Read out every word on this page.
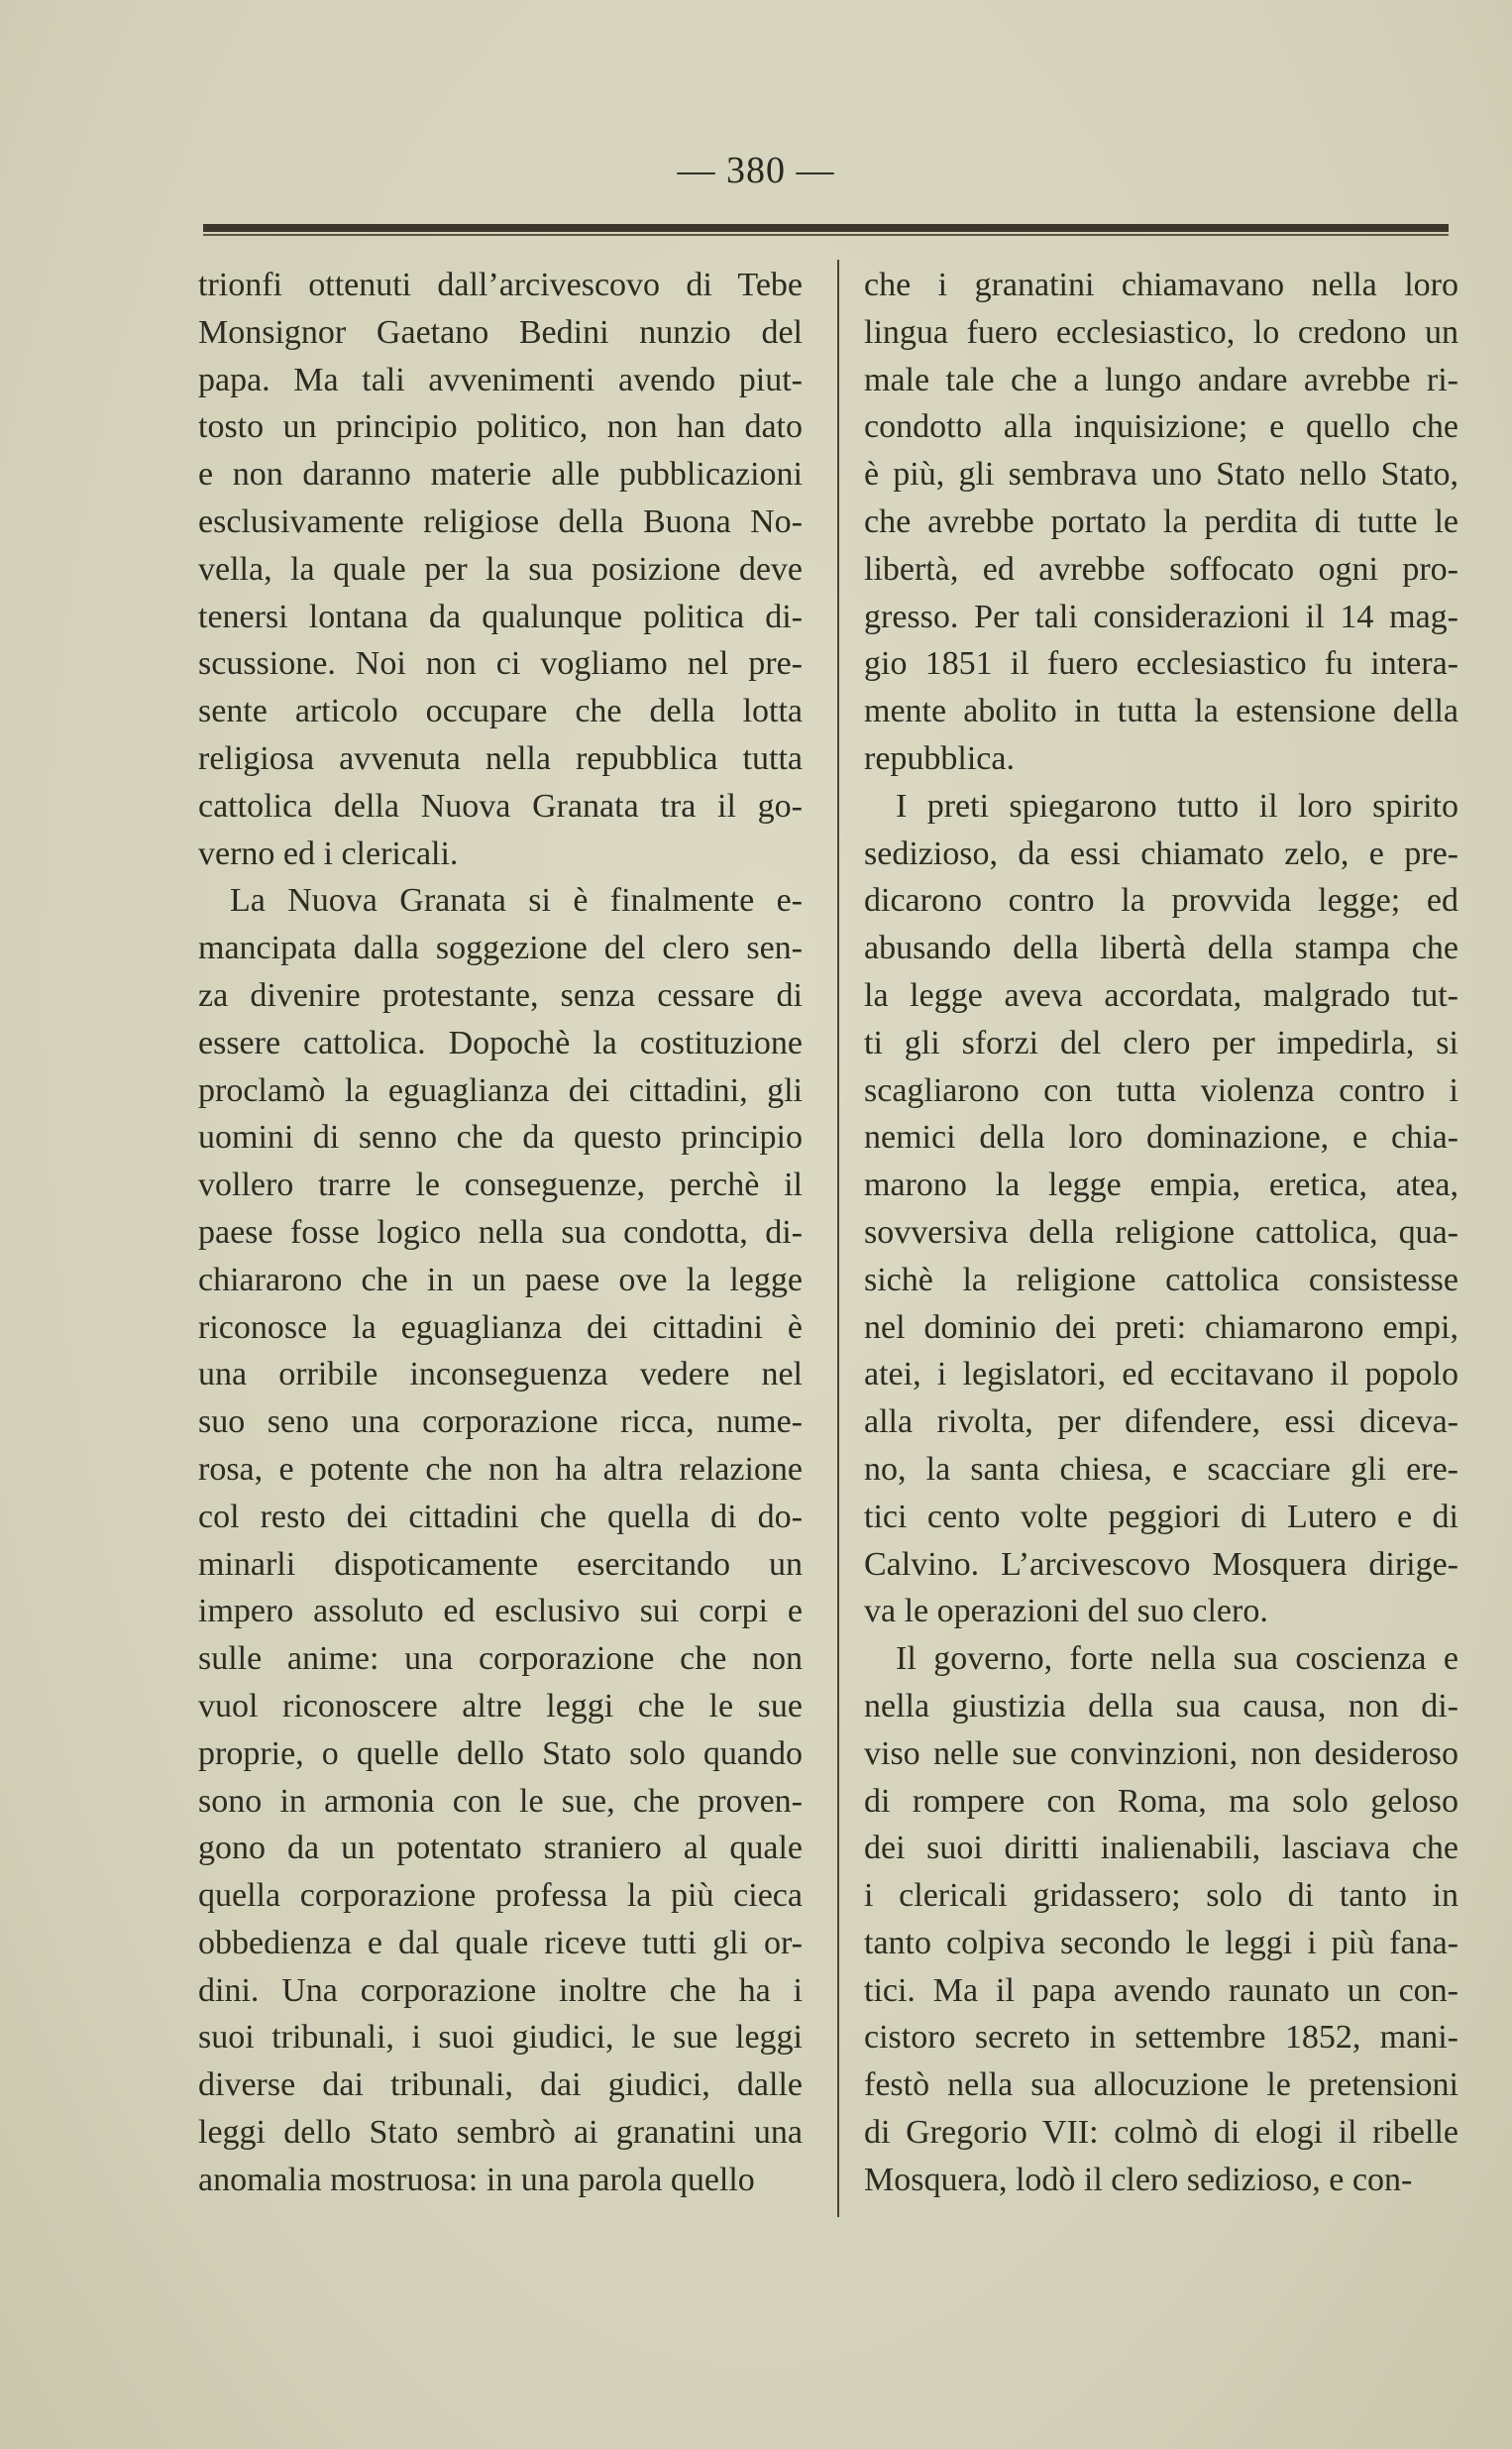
— 380 —
trionfi ottenuti dall’arcivescovo di Tebe
Monsignor Gaetano Bedini nunzio del
papa. Ma tali avvenimenti avendo piut-
tosto un principio politico, non han dato
e non daranno materie alle pubblicazioni
esclusivamente religiose della Buona No-
vella, la quale per la sua posizione deve
tenersi lontana da qualunque politica di-
scussione. Noi non ci vogliamo nel pre-
sente articolo occupare che della lotta
religiosa avvenuta nella repubblica tutta
cattolica della Nuova Granata tra il go-
verno ed i clericali.
La Nuova Granata si è finalmente e-
mancipata dalla soggezione del clero sen-
za divenire protestante, senza cessare di
essere cattolica. Dopochè la costituzione
proclamò la eguaglianza dei cittadini, gli
uomini di senno che da questo principio
vollero trarre le conseguenze, perchè il
paese fosse logico nella sua condotta, di-
chiararono che in un paese ove la legge
riconosce la eguaglianza dei cittadini è
una orribile inconseguenza vedere nel
suo seno una corporazione ricca, nume-
rosa, e potente che non ha altra relazione
col resto dei cittadini che quella di do-
minarli dispoticamente esercitando un
impero assoluto ed esclusivo sui corpi e
sulle anime: una corporazione che non
vuol riconoscere altre leggi che le sue
proprie, o quelle dello Stato solo quando
sono in armonia con le sue, che proven-
gono da un potentato straniero al quale
quella corporazione professa la più cieca
obbedienza e dal quale riceve tutti gli or-
dini. Una corporazione inoltre che ha i
suoi tribunali, i suoi giudici, le sue leggi
diverse dai tribunali, dai giudici, dalle
leggi dello Stato sembrò ai granatini una
anomalia mostruosa: in una parola quello
che i granatini chiamavano nella loro
lingua fuero ecclesiastico, lo credono un
male tale che a lungo andare avrebbe ri-
condotto alla inquisizione; e quello che
è più, gli sembrava uno Stato nello Stato,
che avrebbe portato la perdita di tutte le
libertà, ed avrebbe soffocato ogni pro-
gresso. Per tali considerazioni il 14 mag-
gio 1851 il fuero ecclesiastico fu intera-
mente abolito in tutta la estensione della
repubblica.
I preti spiegarono tutto il loro spirito
sedizioso, da essi chiamato zelo, e pre-
dicarono contro la provvida legge; ed
abusando della libertà della stampa che
la legge aveva accordata, malgrado tut-
ti gli sforzi del clero per impedirla, si
scagliarono con tutta violenza contro i
nemici della loro dominazione, e chia-
marono la legge empia, eretica, atea,
sovversiva della religione cattolica, qua-
sichè la religione cattolica consistesse
nel dominio dei preti: chiamarono empi,
atei, i legislatori, ed eccitavano il popolo
alla rivolta, per difendere, essi diceva-
no, la santa chiesa, e scacciare gli ere-
tici cento volte peggiori di Lutero e di
Calvino. L’arcivescovo Mosquera dirige-
va le operazioni del suo clero.
Il governo, forte nella sua coscienza e
nella giustizia della sua causa, non di-
viso nelle sue convinzioni, non desideroso
di rompere con Roma, ma solo geloso
dei suoi diritti inalienabili, lasciava che
i clericali gridassero; solo di tanto in
tanto colpiva secondo le leggi i più fana-
tici. Ma il papa avendo raunato un con-
cistoro secreto in settembre 1852, mani-
festò nella sua allocuzione le pretensioni
di Gregorio VII: colmò di elogi il ribelle
Mosquera, lodò il clero sedizioso, e con-
